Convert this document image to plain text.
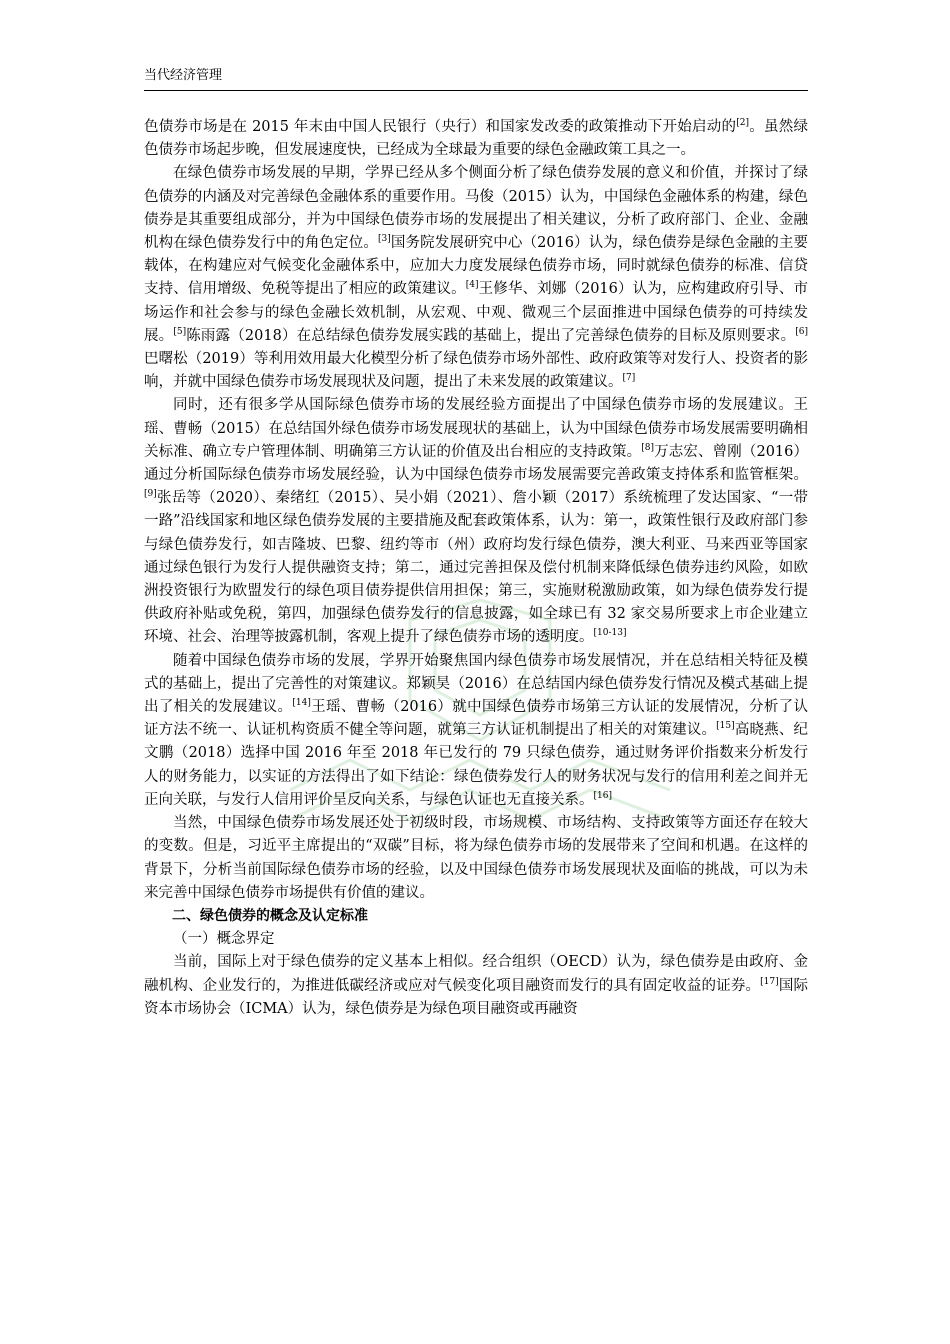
当代经济管理

色债券市场是在 2015 年末由中国人民银行（央行）和国家发改委的政策推动下开始启动的[2]。虽然绿色债券市场起步晚，但发展速度快，已经成为全球最为重要的绿色金融政策工具之一。

在绿色债券市场发展的早期，学界已经从多个侧面分析了绿色债券发展的意义和价值，并探讨了绿色债券的内涵及对完善绿色金融体系的重要作用。马俊（2015）认为，中国绿色金融体系的构建，绿色债券是其重要组成部分，并为中国绿色债券市场的发展提出了相关建议，分析了政府部门、企业、金融机构在绿色债券发行中的角色定位。[3]国务院发展研究中心（2016）认为，绿色债券是绿色金融的主要载体，在构建应对气候变化金融体系中，应加大力度发展绿色债券市场，同时就绿色债券的标准、信贷支持、信用增级、免税等提出了相应的政策建议。[4]王修华、刘娜（2016）认为，应构建政府引导、市场运作和社会参与的绿色金融长效机制，从宏观、中观、微观三个层面推进中国绿色债券的可持续发展。[5]陈雨露（2018）在总结绿色债券发展实践的基础上，提出了完善绿色债券的目标及原则要求。[6]巴曙松（2019）等利用效用最大化模型分析了绿色债券市场外部性、政府政策等对发行人、投资者的影响，并就中国绿色债券市场发展现状及问题，提出了未来发展的政策建议。[7]

同时，还有很多学从国际绿色债券市场的发展经验方面提出了中国绿色债券市场的发展建议。王瑶、曹畅（2015）在总结国外绿色债券市场发展现状的基础上，认为中国绿色债券市场发展需要明确相关标准、确立专户管理体制、明确第三方认证的价值及出台相应的支持政策。[8]万志宏、曾刚（2016）通过分析国际绿色债券市场发展经验，认为中国绿色债券市场发展需要完善政策支持体系和监管框架。[9]张岳等（2020）、秦绪红（2015）、吴小娟（2021）、詹小颖（2017）系统梳理了发达国家、“一带一路”沿线国家和地区绿色债券发展的主要措施及配套政策体系，认为：第一，政策性银行及政府部门参与绿色债券发行，如吉隆坡、巴黎、纽约等市（州）政府均发行绿色债券，澳大利亚、马来西亚等国家通过绿色银行为发行人提供融资支持；第二，通过完善担保及偿付机制来降低绿色债券违约风险，如欧洲投资银行为欧盟发行的绿色项目债券提供信用担保；第三，实施财税激励政策，如为绿色债券发行提供政府补贴或免税，第四，加强绿色债券发行的信息披露，如全球已有 32 家交易所要求上市企业建立环境、社会、治理等披露机制，客观上提升了绿色债券市场的透明度。[10-13]

随着中国绿色债券市场的发展，学界开始聚焦国内绿色债券市场发展情况，并在总结相关特征及模式的基础上，提出了完善性的对策建议。郑颖昊（2016）在总结国内绿色债券发行情况及模式基础上提出了相关的发展建议。[14]王瑶、曹畅（2016）就中国绿色债券市场第三方认证的发展情况，分析了认证方法不统一、认证机构资质不健全等问题，就第三方认证机制提出了相关的对策建议。[15]高晓燕、纪文鹏（2018）选择中国 2016 年至 2018 年已发行的 79 只绿色债券，通过财务评价指数来分析发行人的财务能力，以实证的方法得出了如下结论：绿色债券发行人的财务状况与发行的信用利差之间并无正向关联，与发行人信用评价呈反向关系，与绿色认证也无直接关系。[16]

当然，中国绿色债券市场发展还处于初级时段，市场规模、市场结构、支持政策等方面还存在较大的变数。但是，习近平主席提出的“双碳”目标，将为绿色债券市场的发展带来了空间和机遇。在这样的背景下，分析当前国际绿色债券市场的经验，以及中国绿色债券市场发展现状及面临的挑战，可以为未来完善中国绿色债券市场提供有价值的建议。

二、绿色债券的概念及认定标准

（一）概念界定

当前，国际上对于绿色债券的定义基本上相似。经合组织（OECD）认为，绿色债券是由政府、金融机构、企业发行的，为推进低碳经济或应对气候变化项目融资而发行的具有固定收益的证券。[17]国际资本市场协会（ICMA）认为，绿色债券是为绿色项目融资或再融资
